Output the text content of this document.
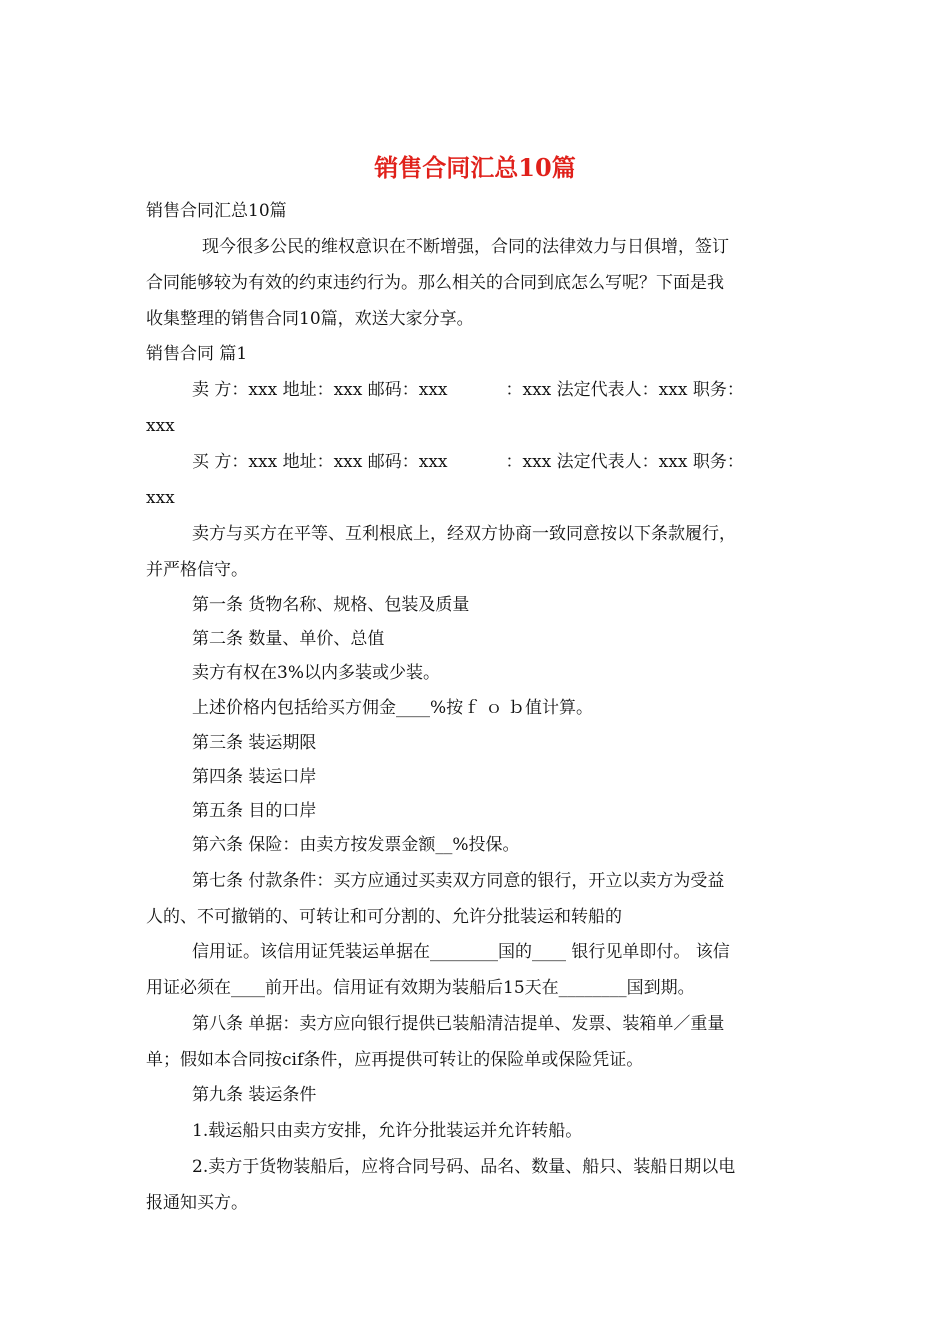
销售合同汇总10篇
销售合同汇总10篇
现今很多公民的维权意识在不断增强，合同的法律效力与日俱增，签订
合同能够较为有效的约束违约行为。那么相关的合同到底怎么写呢？下面是我
收集整理的销售合同10篇，欢送大家分享。
销售合同 篇1
卖 方：xxx 地址：xxx 邮码：xxx	：xxx 法定代表人：xxx 职务：
xxx
买 方：xxx 地址：xxx 邮码：xxx	：xxx 法定代表人：xxx 职务：
xxx
卖方与买方在平等、互利根底上，经双方协商一致同意按以下条款履行，
并严格信守。
第一条 货物名称、规格、包装及质量
第二条 数量、单价、总值
卖方有权在3%以内多装或少装。
上述价格内包括给买方佣金____%按ｆ ｏ ｂ值计算。
第三条 装运期限
第四条 装运口岸
第五条 目的口岸
第六条 保险：由卖方按发票金额__%投保。
第七条 付款条件：买方应通过买卖双方同意的银行，开立以卖方为受益
人的、不可撤销的、可转让和可分割的、允许分批装运和转船的
信用证。该信用证凭装运单据在________国的____ 银行见单即付。 该信
用证必须在____前开出。信用证有效期为装船后15天在________国到期。
第八条 单据：卖方应向银行提供已装船清洁提单、发票、装箱单／重量
单；假如本合同按cif条件，应再提供可转让的保险单或保险凭证。
第九条 装运条件
1.载运船只由卖方安排，允许分批装运并允许转船。
2.卖方于货物装船后，应将合同号码、品名、数量、船只、装船日期以电
报通知买方。
